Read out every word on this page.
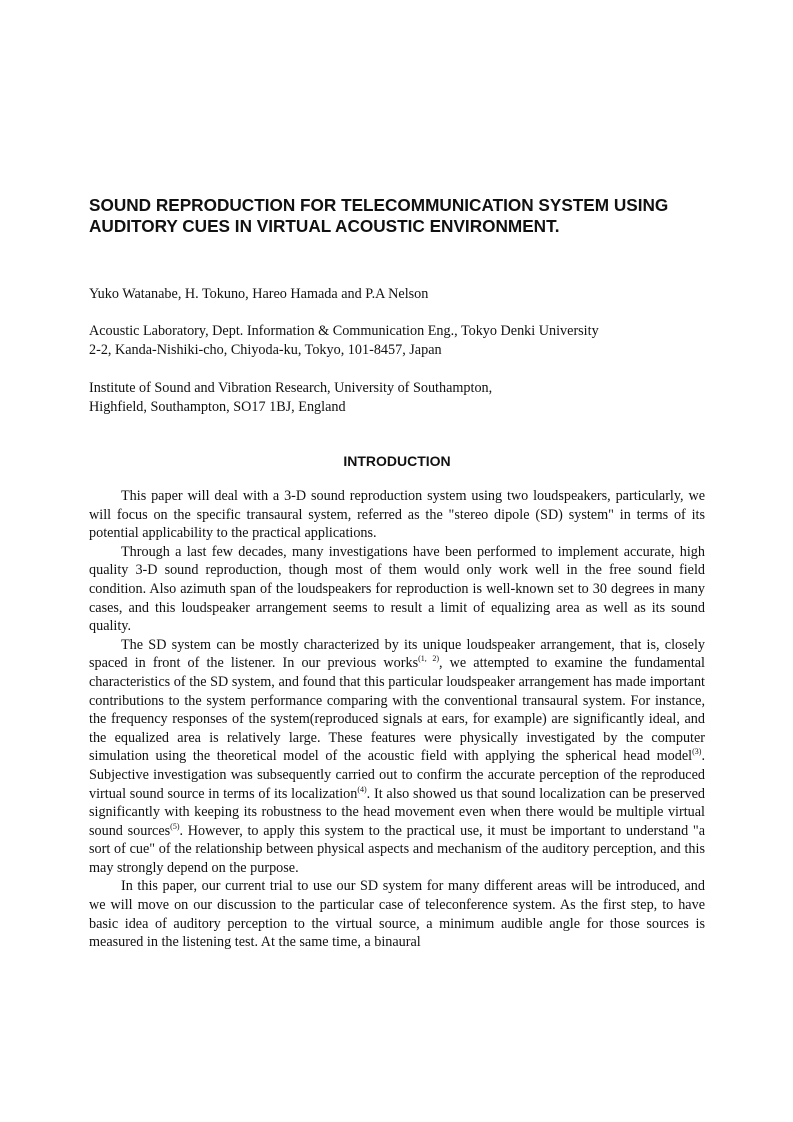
SOUND REPRODUCTION FOR TELECOMMUNICATION SYSTEM USING AUDITORY CUES IN VIRTUAL ACOUSTIC ENVIRONMENT.

Yuko Watanabe, H. Tokuno, Hareo Hamada and P.A Nelson

Acoustic Laboratory, Dept. Information & Communication Eng., Tokyo Denki University

2-2, Kanda-Nishiki-cho, Chiyoda-ku, Tokyo, 101-8457, Japan

Institute of Sound and Vibration Research, University of Southampton,

Highfield, Southampton, SO17 1BJ, England

INTRODUCTION

This paper will deal with a 3-D sound reproduction system using two loudspeakers, particularly, we will focus on the specific transaural system, referred as the "stereo dipole (SD) system" in terms of its potential applicability to the practical applications.

Through a last few decades, many investigations have been performed to implement accurate, high quality 3-D sound reproduction, though most of them would only work well in the free sound field condition. Also azimuth span of the loudspeakers for reproduction is well-known set to 30 degrees in many cases, and this loudspeaker arrangement seems to result a limit of equalizing area as well as its sound quality.

The SD system can be mostly characterized by its unique loudspeaker arrangement, that is, closely spaced in front of the listener. In our previous works$^{(1, 2)}$, we attempted to examine the fundamental characteristics of the SD system, and found that this particular loudspeaker arrangement has made important contributions to the system performance comparing with the conventional transaural system. For instance, the frequency responses of the system(reproduced signals at ears, for example) are significantly ideal, and the equalized area is relatively large. These features were physically investigated by the computer simulation using the theoretical model of the acoustic field with applying the spherical head model$^{(3)}$. Subjective investigation was subsequently carried out to confirm the accurate perception of the reproduced virtual sound source in terms of its localization$^{(4)}$. It also showed us that sound localization can be preserved significantly with keeping its robustness to the head movement even when there would be multiple virtual sound sources$^{(5)}$. However, to apply this system to the practical use, it must be important to understand "a sort of cue" of the relationship between physical aspects and mechanism of the auditory perception, and this may strongly depend on the purpose.

In this paper, our current trial to use our SD system for many different areas will be introduced, and we will move on our discussion to the particular case of teleconference system. As the first step, to have basic idea of auditory perception to the virtual source, a minimum audible angle for those sources is measured in the listening test. At the same time, a binaural
